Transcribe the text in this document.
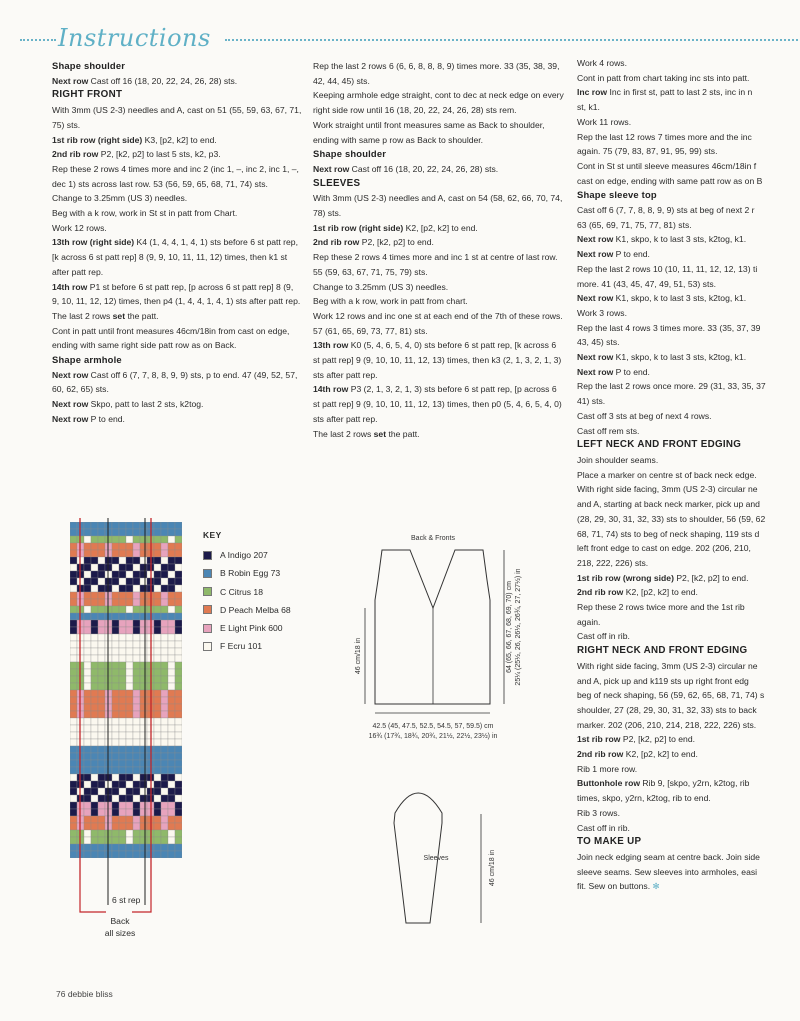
Instructions

Shape shoulder

Next row Cast off 16 (18, 20, 22, 24, 26, 28) sts.

RIGHT FRONT

With 3mm (US 2-3) needles and A, cast on 51 (55, 59, 63, 67, 71, 75) sts.

1st rib row (right side) K3, [p2, k2] to end.

2nd rib row P2, [k2, p2] to last 5 sts, k2, p3.

Rep these 2 rows 4 times more and inc 2 (inc 1, –, inc 2, inc 1, –, dec 1) sts across last row. 53 (56, 59, 65, 68, 71, 74) sts.

Change to 3.25mm (US 3) needles.

Beg with a k row, work in St st in patt from Chart.

Work 12 rows.

13th row (right side) K4 (1, 4, 4, 1, 4, 1) sts before 6 st patt rep, [k across 6 st patt rep] 8 (9, 9, 10, 11, 11, 12) times, then k1 st after patt rep.

14th row P1 st before 6 st patt rep, [p across 6 st patt rep] 8 (9, 9, 10, 11, 12, 12) times, then p4 (1, 4, 4, 1, 4, 1) sts after patt rep.

The last 2 rows set the patt.

Cont in patt until front measures 46cm/18in from cast on edge, ending with same right side patt row as on Back.

Shape armhole

Next row Cast off 6 (7, 7, 8, 8, 9, 9) sts, p to end. 47 (49, 52, 57, 60, 62, 65) sts.

Next row Skpo, patt to last 2 sts, k2tog.

Next row P to end.

Rep the last 2 rows 6 (6, 6, 8, 8, 8, 9) times more. 33 (35, 38, 39, 42, 44, 45) sts.

Keeping armhole edge straight, cont to dec at neck edge on every right side row until 16 (18, 20, 22, 24, 26, 28) sts rem.

Work straight until front measures same as Back to shoulder, ending with same p row as Back to shoulder.

Shape shoulder

Next row Cast off 16 (18, 20, 22, 24, 26, 28) sts.

SLEEVES

With 3mm (US 2-3) needles and A, cast on 54 (58, 62, 66, 70, 74, 78) sts.

1st rib row (right side) K2, [p2, k2] to end.

2nd rib row P2, [k2, p2] to end.

Rep these 2 rows 4 times more and inc 1 st at centre of last row. 55 (59, 63, 67, 71, 75, 79) sts.

Change to 3.25mm (US 3) needles.

Beg with a k row, work in patt from chart.

Work 12 rows and inc one st at each end of the 7th of these rows. 57 (61, 65, 69, 73, 77, 81) sts.

13th row K0 (5, 4, 6, 5, 4, 0) sts before 6 st patt rep, [k across 6 st patt rep] 9 (9, 10, 10, 11, 12, 13) times, then k3 (2, 1, 3, 2, 1, 3) sts after patt rep.

14th row P3 (2, 1, 3, 2, 1, 3) sts before 6 st patt rep, [p across 6 st patt rep] 9 (9, 10, 10, 11, 12, 13) times, then p0 (5, 4, 6, 5, 4, 0) sts after patt rep.

The last 2 rows set the patt.

Work 4 rows.

Cont in patt from chart taking inc sts into patt.

Inc row Inc in first st, patt to last 2 sts, inc in n

st, k1.

Work 11 rows.

Rep the last 12 rows 7 times more and the inc

again. 75 (79, 83, 87, 91, 95, 99) sts.

Cont in St st until sleeve measures 46cm/18in f

cast on edge, ending with same patt row as on B

Shape sleeve top

Cast off 6 (7, 7, 8, 8, 9, 9) sts at beg of next 2 r

63 (65, 69, 71, 75, 77, 81) sts.

Next row K1, skpo, k to last 3 sts, k2tog, k1.

Next row P to end.

Rep the last 2 rows 10 (10, 11, 11, 12, 12, 13) ti

more. 41 (43, 45, 47, 49, 51, 53) sts.

Next row K1, skpo, k to last 3 sts, k2tog, k1.

Work 3 rows.

Rep the last 4 rows 3 times more. 33 (35, 37, 39

43, 45) sts.

Next row K1, skpo, k to last 3 sts, k2tog, k1.

Next row P to end.

Rep the last 2 rows once more. 29 (31, 33, 35, 37

41) sts.

Cast off 3 sts at beg of next 4 rows.

Cast off rem sts.

LEFT NECK AND FRONT EDGING

Join shoulder seams.

Place a marker on centre st of back neck edge.

With right side facing, 3mm (US 2-3) circular ne

and A, starting at back neck marker, pick up and

(28, 29, 30, 31, 32, 33) sts to shoulder, 56 (59, 62

68, 71, 74) sts to beg of neck shaping, 119 sts d

left front edge to cast on edge. 202 (206, 210,

218, 222, 226) sts.

1st rib row (wrong side) P2, [k2, p2] to end.

2nd rib row K2, [p2, k2] to end.

Rep these 2 rows twice more and the 1st rib

again.

Cast off in rib.

RIGHT NECK AND FRONT EDGING

With right side facing, 3mm (US 2-3) circular ne

and A, pick up and k119 sts up right front edg

beg of neck shaping, 56 (59, 62, 65, 68, 71, 74) s

shoulder, 27 (28, 29, 30, 31, 32, 33) sts to back

marker. 202 (206, 210, 214, 218, 222, 226) sts.

1st rib row P2, [k2, p2] to end.

2nd rib row K2, [p2, k2] to end.

Rib 1 more row.

Buttonhole row Rib 9, [skpo, y2rn, k2tog, rib

times, skpo, y2rn, k2tog, rib to end.

Rib 3 rows.

Cast off in rib.

TO MAKE UP

Join neck edging seam at centre back. Join side

sleeve seams. Sew sleeves into armholes, easi

fit. Sew on buttons. ✻

6 st rep
Back
all sizes
KEY
A Indigo 207
B Robin Egg 73
C Citrus 18
D Peach Melba 68
E Light Pink 600
F Ecru 101
Back & Fronts
46 cm/18 in	64 (65, 66, 67, 68, 69, 70) cm 25¼ (25½, 26, 26½, 26¾, 27, 27½) in
42.5 (45, 47.5, 52.5, 54.5, 57, 59.5) cm
16¾ (17¾, 18¾, 20¾, 21½, 22½, 23½) in
Sleeves	46 cm/18 in
76 debbie bliss
